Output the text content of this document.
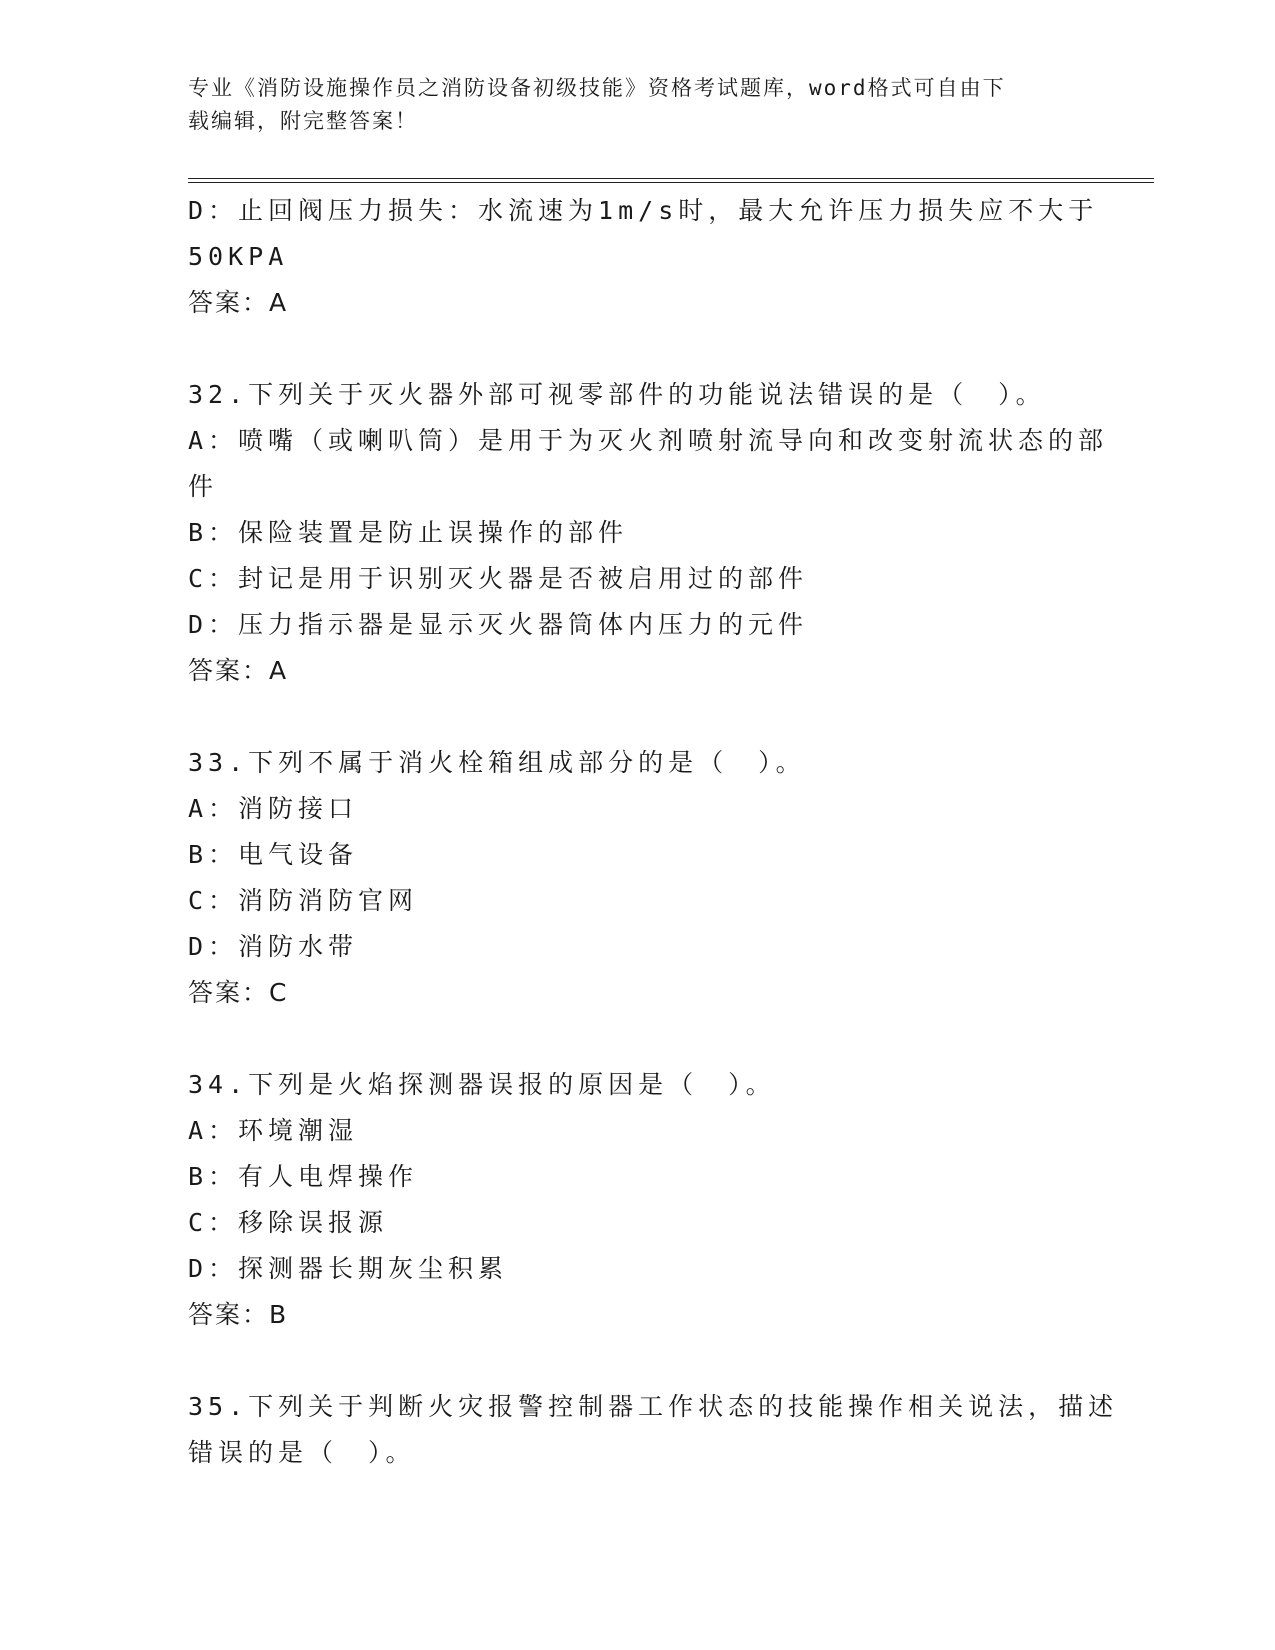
专业《消防设施操作员之消防设备初级技能》资格考试题库，word格式可自由下
载编辑，附完整答案！
D：止回阀压力损失：水流速为1m/s时，最大允许压力损失应不大于
50KPA
答案：A
32.下列关于灭火器外部可视零部件的功能说法错误的是（　）。
A：喷嘴（或喇叭筒）是用于为灭火剂喷射流导向和改变射流状态的部
件
B：保险装置是防止误操作的部件
C：封记是用于识别灭火器是否被启用过的部件
D：压力指示器是显示灭火器筒体内压力的元件
答案：A
33.下列不属于消火栓箱组成部分的是（　）。
A：消防接口
B：电气设备
C：消防消防官网
D：消防水带
答案：C
34.下列是火焰探测器误报的原因是（　）。
A：环境潮湿
B：有人电焊操作
C：移除误报源
D：探测器长期灰尘积累
答案：B
35.下列关于判断火灾报警控制器工作状态的技能操作相关说法，描述
错误的是（　）。
